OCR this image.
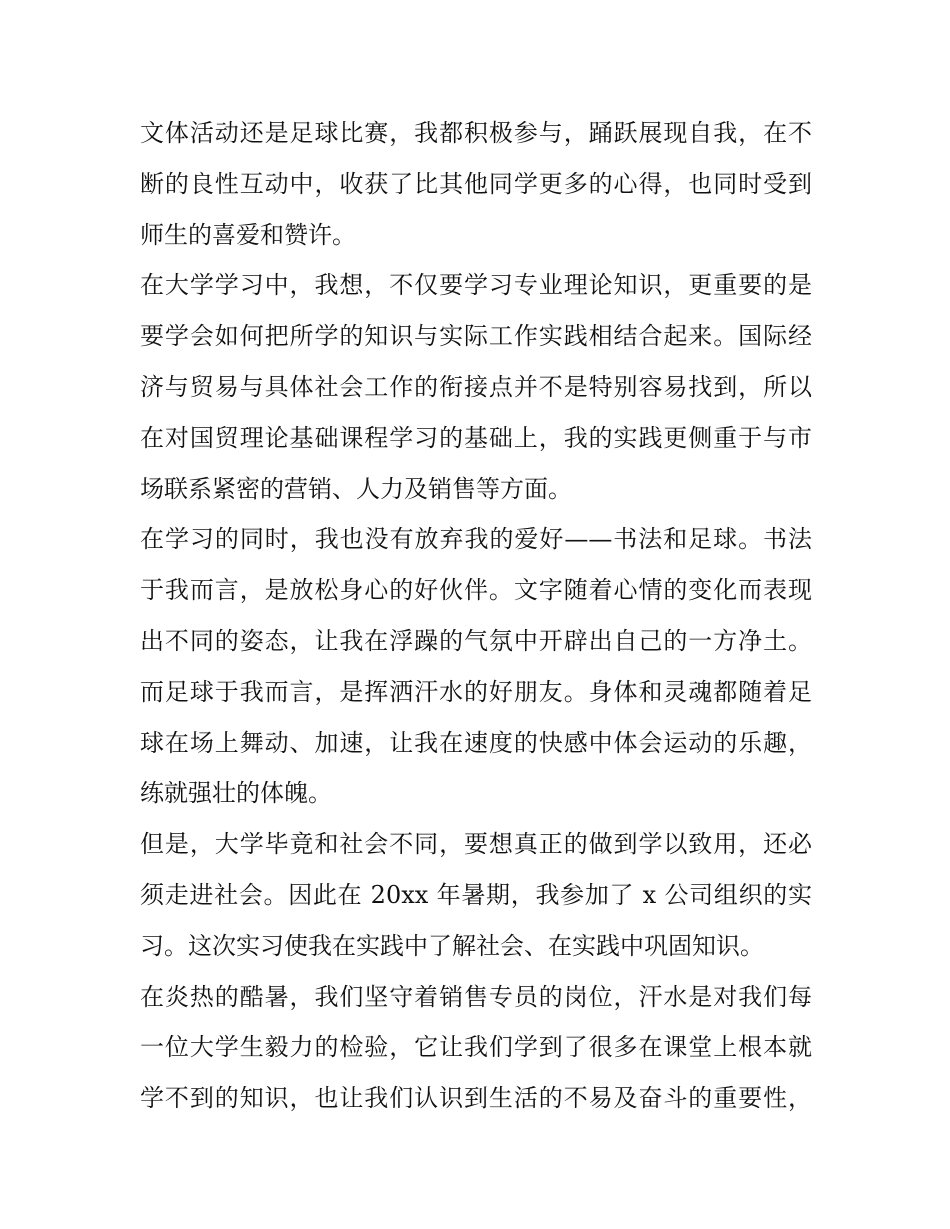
文体活动还是足球比赛，我都积极参与，踊跃展现自我，在不
断的良性互动中，收获了比其他同学更多的心得，也同时受到
师生的喜爱和赞许。
在大学学习中，我想，不仅要学习专业理论知识，更重要的是
要学会如何把所学的知识与实际工作实践相结合起来。国际经
济与贸易与具体社会工作的衔接点并不是特别容易找到，所以
在对国贸理论基础课程学习的基础上，我的实践更侧重于与市
场联系紧密的营销、人力及销售等方面。
在学习的同时，我也没有放弃我的爱好——书法和足球。书法
于我而言，是放松身心的好伙伴。文字随着心情的变化而表现
出不同的姿态，让我在浮躁的气氛中开辟出自己的一方净土。
而足球于我而言，是挥洒汗水的好朋友。身体和灵魂都随着足
球在场上舞动、加速，让我在速度的快感中体会运动的乐趣，
练就强壮的体魄。
但是，大学毕竟和社会不同，要想真正的做到学以致用，还必
须走进社会。因此在 20xx 年暑期，我参加了 x 公司组织的实
习。这次实习使我在实践中了解社会、在实践中巩固知识。
在炎热的酷暑，我们坚守着销售专员的岗位，汗水是对我们每
一位大学生毅力的检验，它让我们学到了很多在课堂上根本就
学不到的知识，也让我们认识到生活的不易及奋斗的重要性，
